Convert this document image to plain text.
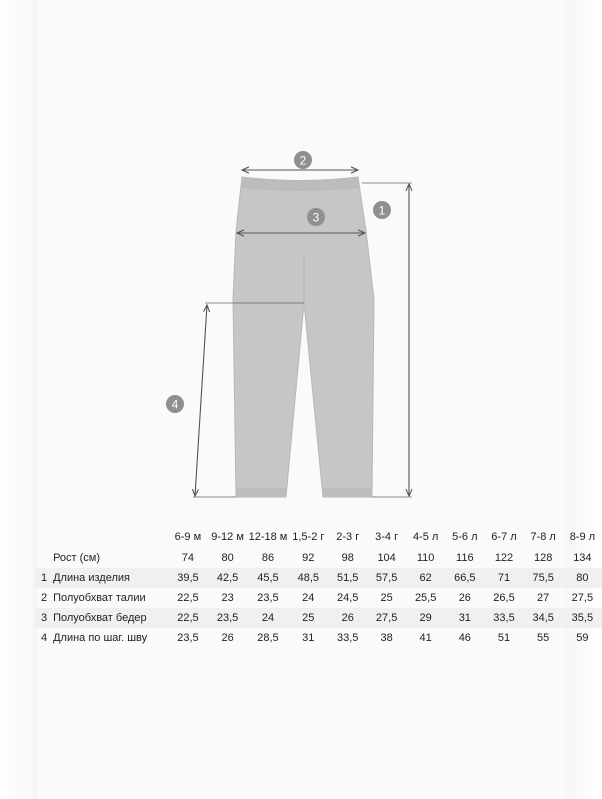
2
3	1
4
		6-9 м	9-12 м	12-18 м	1,5-2 г	2-3 г	3-4 г	4-5 л	5-6 л	6-7 л	7-8 л	8-9 л
	Рост (см)	74	80	86	92	98	104	110	116	122	128	134
1	Длина изделия	39,5	42,5	45,5	48,5	51,5	57,5	62	66,5	71	75,5	80
2	Полуобхват талии	22,5	23	23,5	24	24,5	25	25,5	26	26,5	27	27,5
3	Полуобхват бедер	22,5	23,5	24	25	26	27,5	29	31	33,5	34,5	35,5
4	Длина по шаг. шву	23,5	26	28,5	31	33,5	38	41	46	51	55	59
